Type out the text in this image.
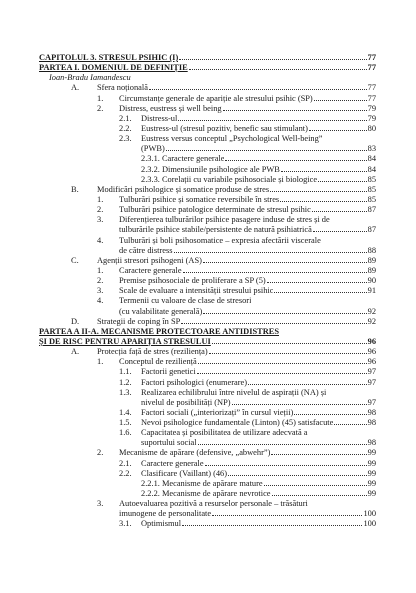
CAPITOLUL 3. STRESUL PSIHIC (I)	77
PARTEA I. DOMENIUL DE DEFINIȚIE	77
Ioan-Bradu Iamandescu
A.	Sfera noțională	77
1.	Circumstanțe generale de apariție ale stresului psihic (SP)	77
2.	Distress, eustress și well being	79
2.1.	Distress-ul	79
2.2.	Eustress-ul (stresul pozitiv, benefic sau stimulant)	80
2.3.	Eustress versus conceptul „Psychological Well-being”
(PWB)	83
2.3.1. Caractere generale	84
2.3.2. Dimensiunile psihologice ale PWB	84
2.3.3. Corelații cu variabile psihosociale și biologice	85
B.	Modificări psihologice și somatice produse de stres	85
1.	Tulburări psihice și somatice reversibile în stres	85
2.	Tulburări psihice patologice determinate de stresul psihic	87
3.	Diferențierea tulburărilor psihice pasagere induse de stres și de
tulburările psihice stabile/persistente de natură psihiatrică	87
4.	Tulburări și boli psihosomatice – expresia afectării viscerale
de către distress	88
C.	Agenții stresori psihogeni (AS)	89
1.	Caractere generale	89
2.	Premise psihosociale de proliferare a SP (5)	90
3.	Scale de evaluare a intensității stresului psihic	91
4.	Termenii cu valoare de clase de stresori
(cu valabilitate generală)	92
D.	Strategii de coping în SP	92
PARTEA A II-A. MECANISME PROTECTOARE ANTIDISTRES
ȘI DE RISC PENTRU APARIȚIA STRESULUI	96
A.	Protecția față de stres (reziliența)	96
1.	Conceptul de reziliență	96
1.1.	Factorii genetici	97
1.2.	Factori psihologici (enumerare)	97
1.3.	Realizarea echilibrului între nivelul de aspirații (NA) și
nivelul de posibilități (NP)	97
1.4.	Factori sociali („interiorizați” în cursul vieții)	98
1.5.	Nevoi psihologice fundamentale (Linton) (45) satisfacute	98
1.6.	Capacitatea și posibilitatea de utilizare adecvată a
suportului social	98
2.	Mecanisme de apărare (defensive, „abwehr”)	99
2.1.	Caractere generale	99
2.2.	Clasificare (Vaillant) (46)	99
2.2.1. Mecanisme de apărare mature	99
2.2.2. Mecanisme de apărare nevrotice	99
3.	Autoevaluarea pozitivă a resurselor personale – trăsături
imunogene de personalitate	100
3.1.	Optimismul	100
